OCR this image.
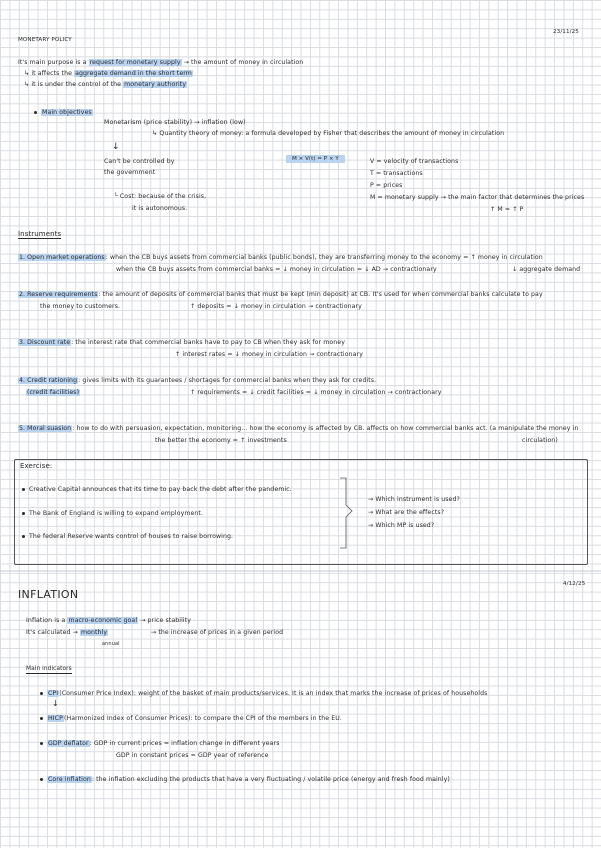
23/11/25
MONETARY POLICY
It's main purpose is a request for monetary supply → the amount of money in circulation
↳ it affects the aggregate demand in the short term
↳ it is under the control of the monetary authority
Main objectives
Monetarism (price stability) → inflation (low)
↳ Quantity theory of money: a formula developed by Fisher that describes the amount of money in circulation
↓
Can't be controlled by
the government
└ Cost: because of the crisis,
it is autonomous.
M × V(t) = P × Y	V = velocity of transactions
T = transactions
P = prices
M = monetary supply → the main factor that determines the prices
↑ M = ↑ P
Instruments
1. Open market operations: when the CB buys assets from commercial banks (public bonds), they are transferring money to the economy = ↑ money in circulation
when the CB buys assets from commercial banks = ↓ money in circulation = ↓ AD → contractionary	↓ aggregate demand
2. Reserve requirements: the amount of deposits of commercial banks that must be kept (min deposit) at CB. It's used for when commercial banks calculate to pay
the money to customers.	↑ deposits = ↓ money in circulation → contractionary
3. Discount rate: the interest rate that commercial banks have to pay to CB when they ask for money
↑ interest rates = ↓ money in circulation → contractionary
4. Credit rationing: gives limits with its guarantees / shortages for commercial banks when they ask for credits.
(credit facilities)	↑ requirements = ↓ credit facilities = ↓ money in circulation → contractionary
5. Moral suasion: how to do with persuasion, expectation, monitoring... how the economy is affected by CB. affects on how commercial banks act. (a manipulate the money in
the better the economy = ↑ investments	circulation)
Exercise:
Creative Capital announces that its time to pay back the debt after the pandemic.
The Bank of England is willing to expand employment.
The federal Reserve wants control of houses to raise borrowing.
→ Which instrument is used?
→ What are the effects?
→ Which MP is used?
4/12/25
INFLATION
Inflation is a macro-economic goal → price stability
It's calculated → monthly	→ the increase of prices in a given period
annual
Main indicators
CPI(Consumer Price Index): weight of the basket of main products/services. It is an index that marks the increase of prices of households
↓
HICP(Harmonized Index of Consumer Prices): to compare the CPI of the members in the EU.
GDP deflator: GDP in current prices = inflation change in different years
GDP in constant prices = GDP year of reference
Core inflation: the inflation excluding the products that have a very fluctuating / volatile price (energy and fresh food mainly)
